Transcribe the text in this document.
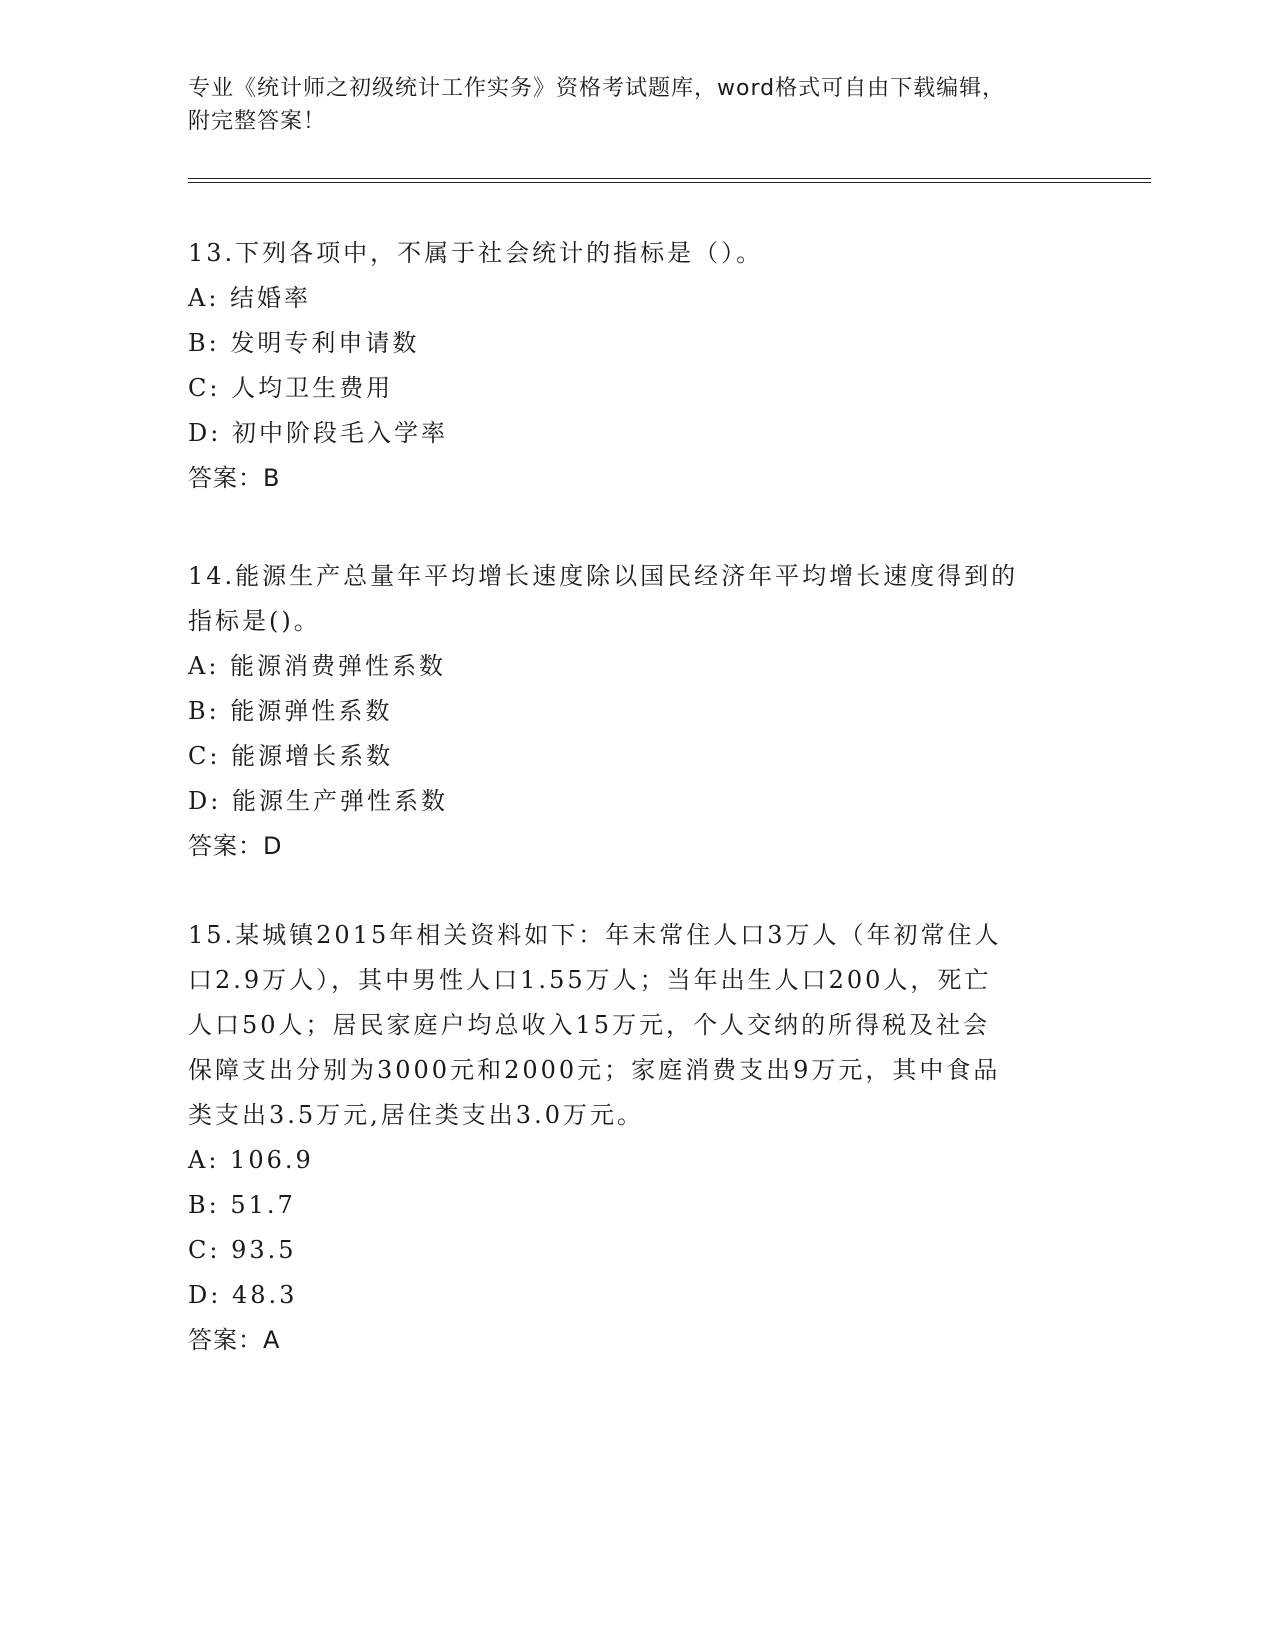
专业《统计师之初级统计工作实务》资格考试题库，word格式可自由下载编辑，
附完整答案！
13.下列各项中，不属于社会统计的指标是（）。
A: 结婚率
B: 发明专利申请数
C: 人均卫生费用
D: 初中阶段毛入学率
答案：B
14.能源生产总量年平均增长速度除以国民经济年平均增长速度得到的
指标是()。
A: 能源消费弹性系数
B: 能源弹性系数
C: 能源增长系数
D: 能源生产弹性系数
答案：D
15.某城镇2015年相关资料如下：年末常住人口3万人（年初常住人
口2.9万人），其中男性人口1.55万人；当年出生人口200人，死亡
人口50人；居民家庭户均总收入15万元，个人交纳的所得税及社会
保障支出分别为3000元和2000元；家庭消费支出9万元，其中食品
类支出3.5万元,居住类支出3.0万元。
A: 106.9
B: 51.7
C: 93.5
D: 48.3
答案：A
